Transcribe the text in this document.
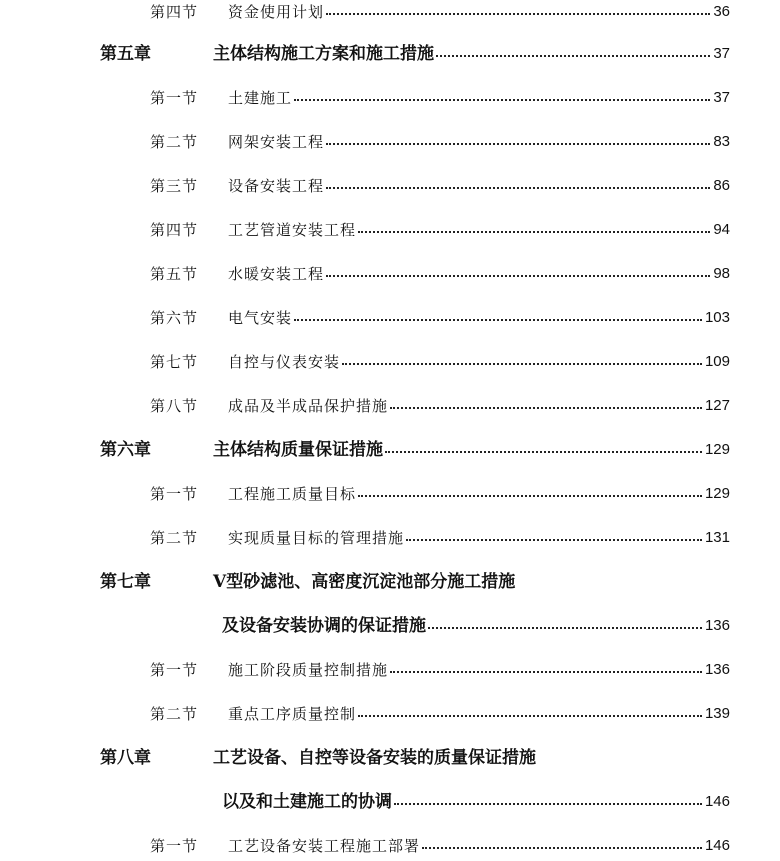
第四节 资金使用计划	36
第五章	主体结构施工方案和施工措施	37
第一节 土建施工	37
第二节 网架安装工程	83
第三节 设备安装工程	86
第四节 工艺管道安装工程	94
第五节 水暖安装工程	98
第六节 电气安装	103
第七节 自控与仪表安装	109
第八节 成品及半成品保护措施	127
第六章	主体结构质量保证措施	129
第一节 工程施工质量目标	129
第二节 实现质量目标的管理措施	131
第七章	V型砂滤池、高密度沉淀池部分施工措施
及设备安装协调的保证措施	136
第一节 施工阶段质量控制措施	136
第二节 重点工序质量控制	139
第八章	工艺设备、自控等设备安装的质量保证措施
以及和土建施工的协调	146
第一节 工艺设备安装工程施工部署	146
